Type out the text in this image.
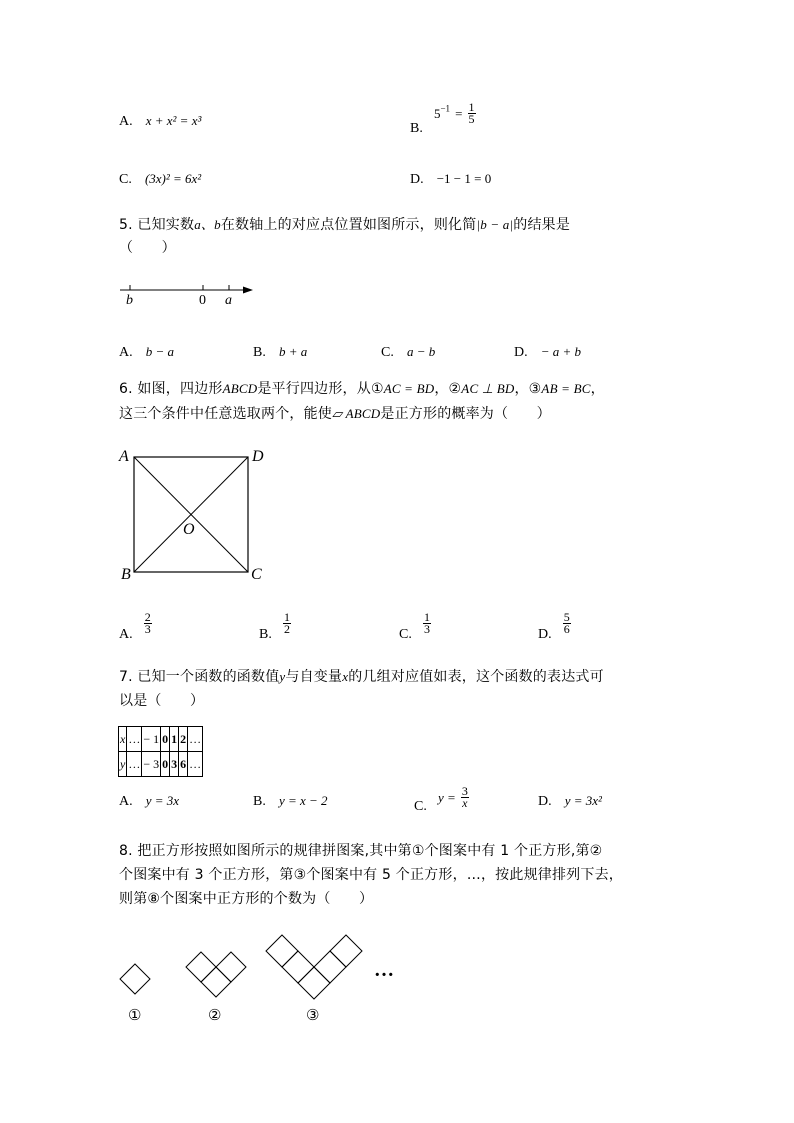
A. x + x² = x³
B. $5^{-1} = \frac{1}{5}$
C. (3x)² = 6x²	D. −1 − 1 = 0
5. 已知实数a、b在数轴上的对应点位置如图所示，则化简|b − a|的结果是
（　　）
b	0 a
A. b − a	B. b + a	C. a − b	D. − a + b
6. 如图，四边形ABCD是平行四边形，从①AC = BD，②AC ⊥ BD，③AB = BC，
这三个条件中任意选取两个，能使▱ ABCD是正方形的概率为（　　）
A	D
B	C
O
A. $\frac{2}{3}$	B. $\frac{1}{2}$	C. $\frac{1}{3}$	D. $\frac{5}{6}$
7. 已知一个函数的函数值y与自变量x的几组对应值如表，这个函数的表达式可
以是（　　）
x	…	− 1	0	1	2	…
y	…	− 3	0	3	6	…
A. y = 3x	B. y = x − 2	C. $y = \frac{3}{x}$	D. y = 3x²
8. 把正方形按照如图所示的规律拼图案,其中第①个图案中有 1 个正方形,第②
个图案中有 3 个正方形，第③个图案中有 5 个正方形，…，按此规律排列下去，
则第⑧个图案中正方形的个数为（　　）
①	②	③
…
